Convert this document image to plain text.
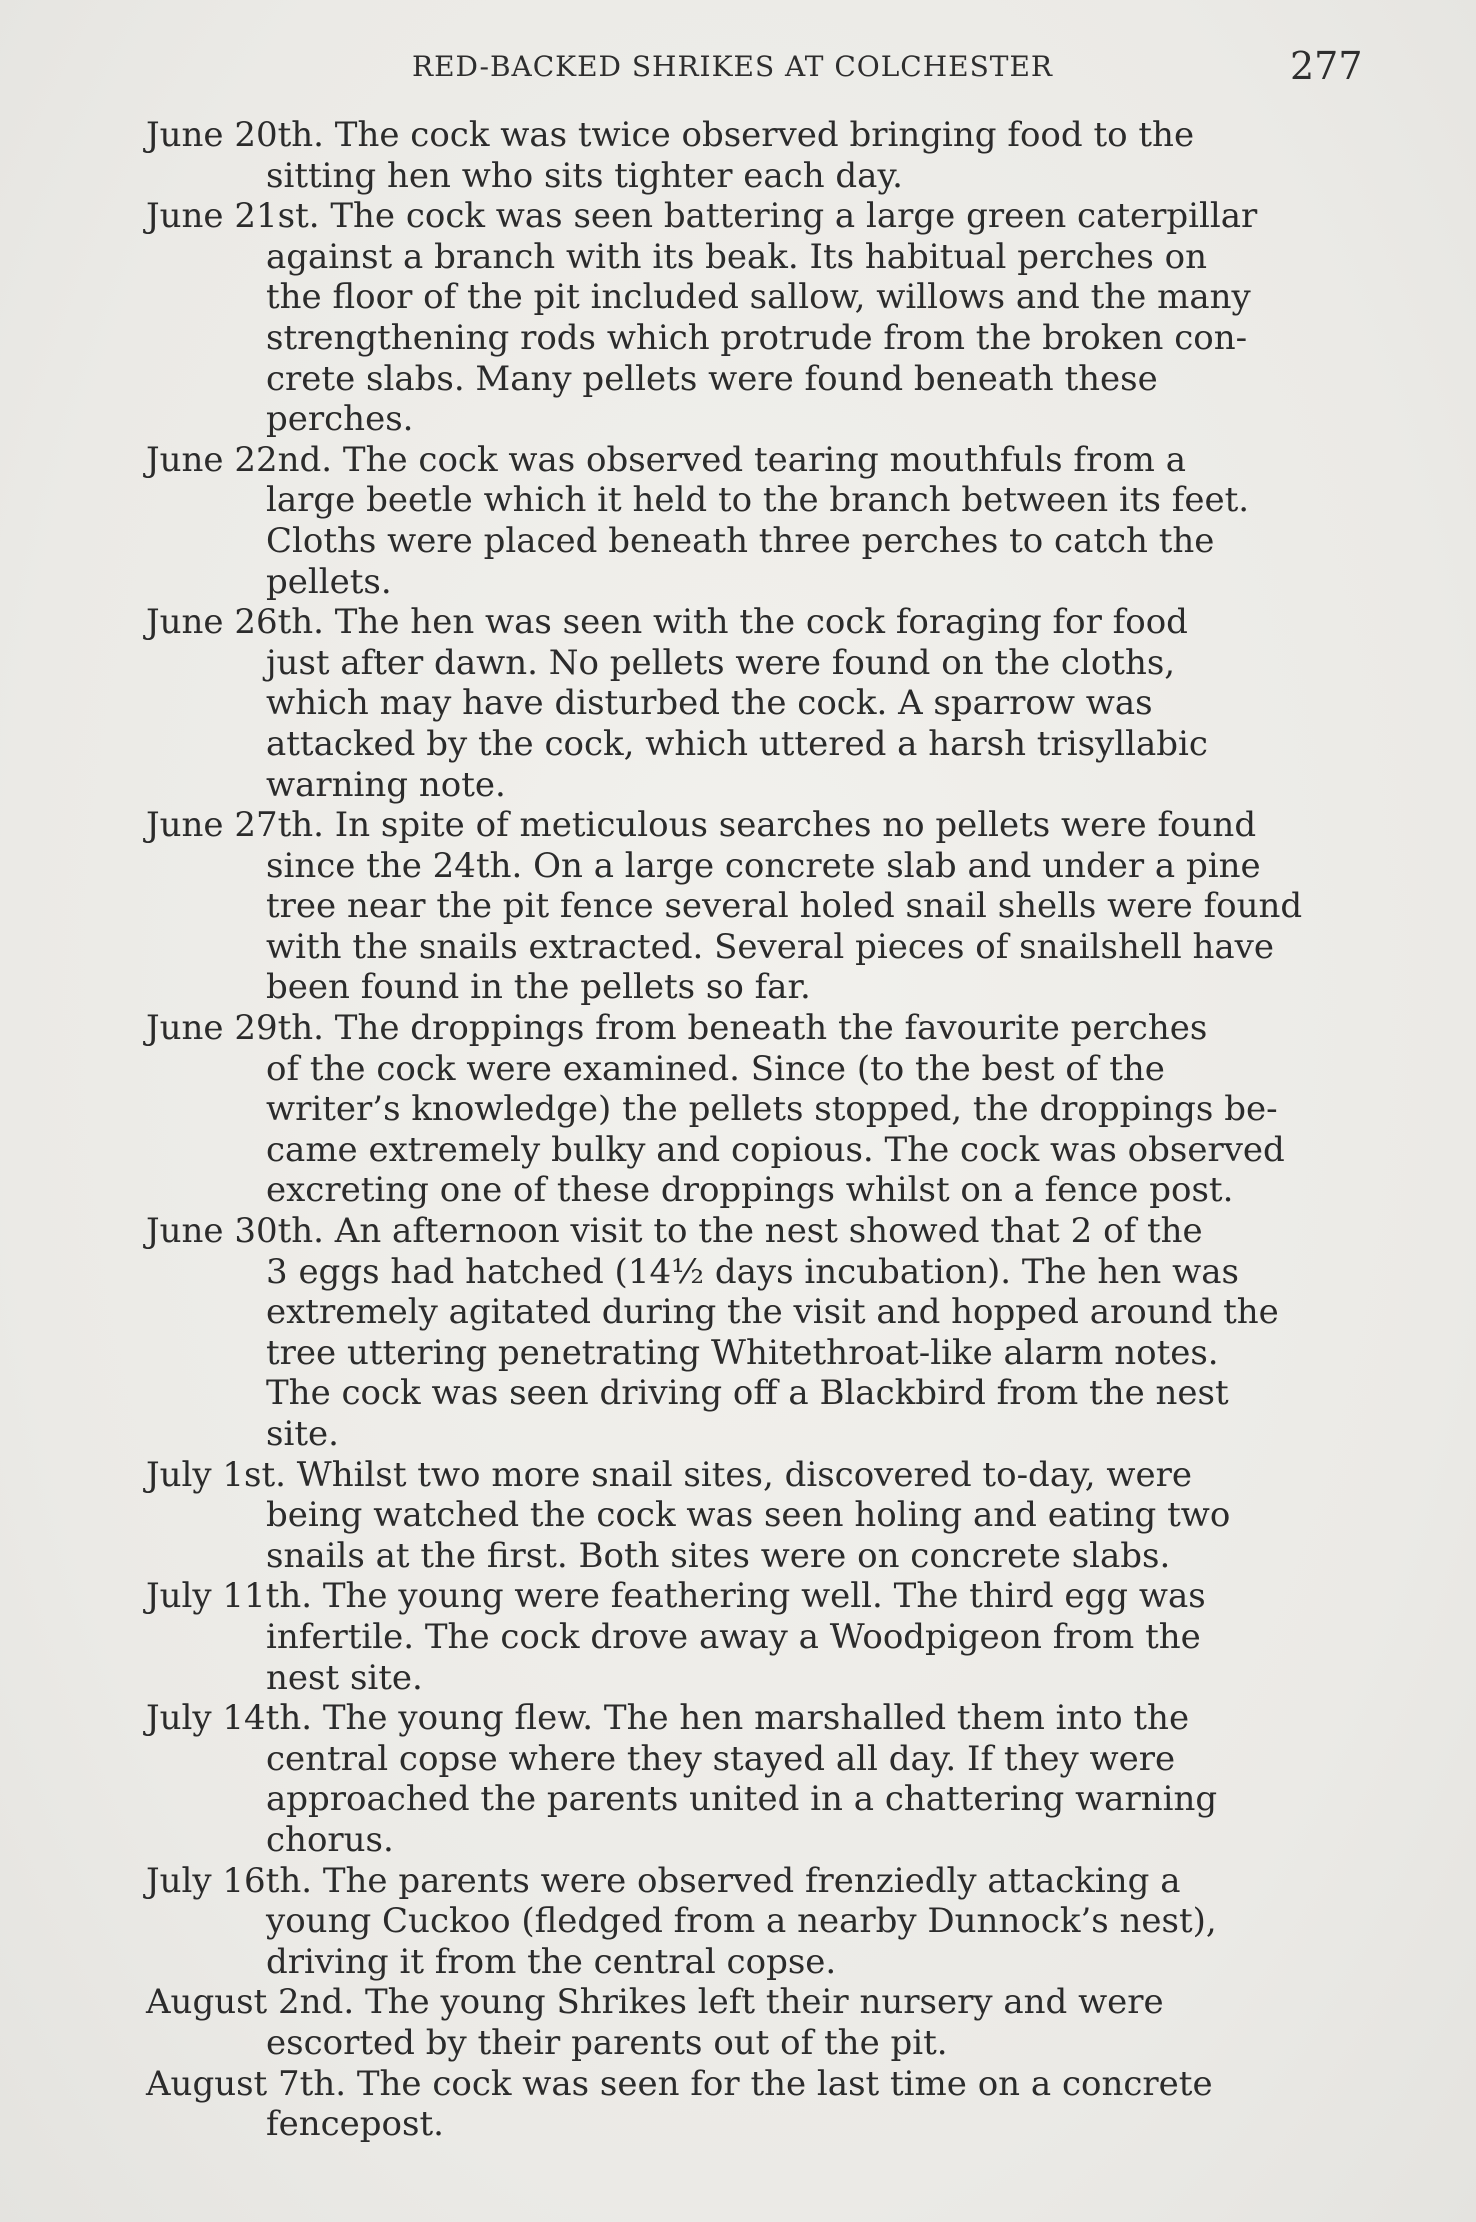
RED-BACKED SHRIKES AT COLCHESTER	277
June 20th. The cock was twice observed bringing food to the
sitting hen who sits tighter each day.
June 21st. The cock was seen battering a large green caterpillar
against a branch with its beak. Its habitual perches on
the floor of the pit included sallow, willows and the many
strengthening rods which protrude from the broken con-
crete slabs. Many pellets were found beneath these
perches.
June 22nd. The cock was observed tearing mouthfuls from a
large beetle which it held to the branch between its feet.
Cloths were placed beneath three perches to catch the
pellets.
June 26th. The hen was seen with the cock foraging for food
just after dawn. No pellets were found on the cloths,
which may have disturbed the cock. A sparrow was
attacked by the cock, which uttered a harsh trisyllabic
warning note.
June 27th. In spite of meticulous searches no pellets were found
since the 24th. On a large concrete slab and under a pine
tree near the pit fence several holed snail shells were found
with the snails extracted. Several pieces of snailshell have
been found in the pellets so far.
June 29th. The droppings from beneath the favourite perches
of the cock were examined. Since (to the best of the
writer’s knowledge) the pellets stopped, the droppings be-
came extremely bulky and copious. The cock was observed
excreting one of these droppings whilst on a fence post.
June 30th. An afternoon visit to the nest showed that 2 of the
3 eggs had hatched (14½ days incubation). The hen was
extremely agitated during the visit and hopped around the
tree uttering penetrating Whitethroat-like alarm notes.
The cock was seen driving off a Blackbird from the nest
site.
July 1st. Whilst two more snail sites, discovered to-day, were
being watched the cock was seen holing and eating two
snails at the first. Both sites were on concrete slabs.
July 11th. The young were feathering well. The third egg was
infertile. The cock drove away a Woodpigeon from the
nest site.
July 14th. The young flew. The hen marshalled them into the
central copse where they stayed all day. If they were
approached the parents united in a chattering warning
chorus.
July 16th. The parents were observed frenziedly attacking a
young Cuckoo (fledged from a nearby Dunnock’s nest),
driving it from the central copse.
August 2nd. The young Shrikes left their nursery and were
escorted by their parents out of the pit.
August 7th. The cock was seen for the last time on a concrete
fencepost.
